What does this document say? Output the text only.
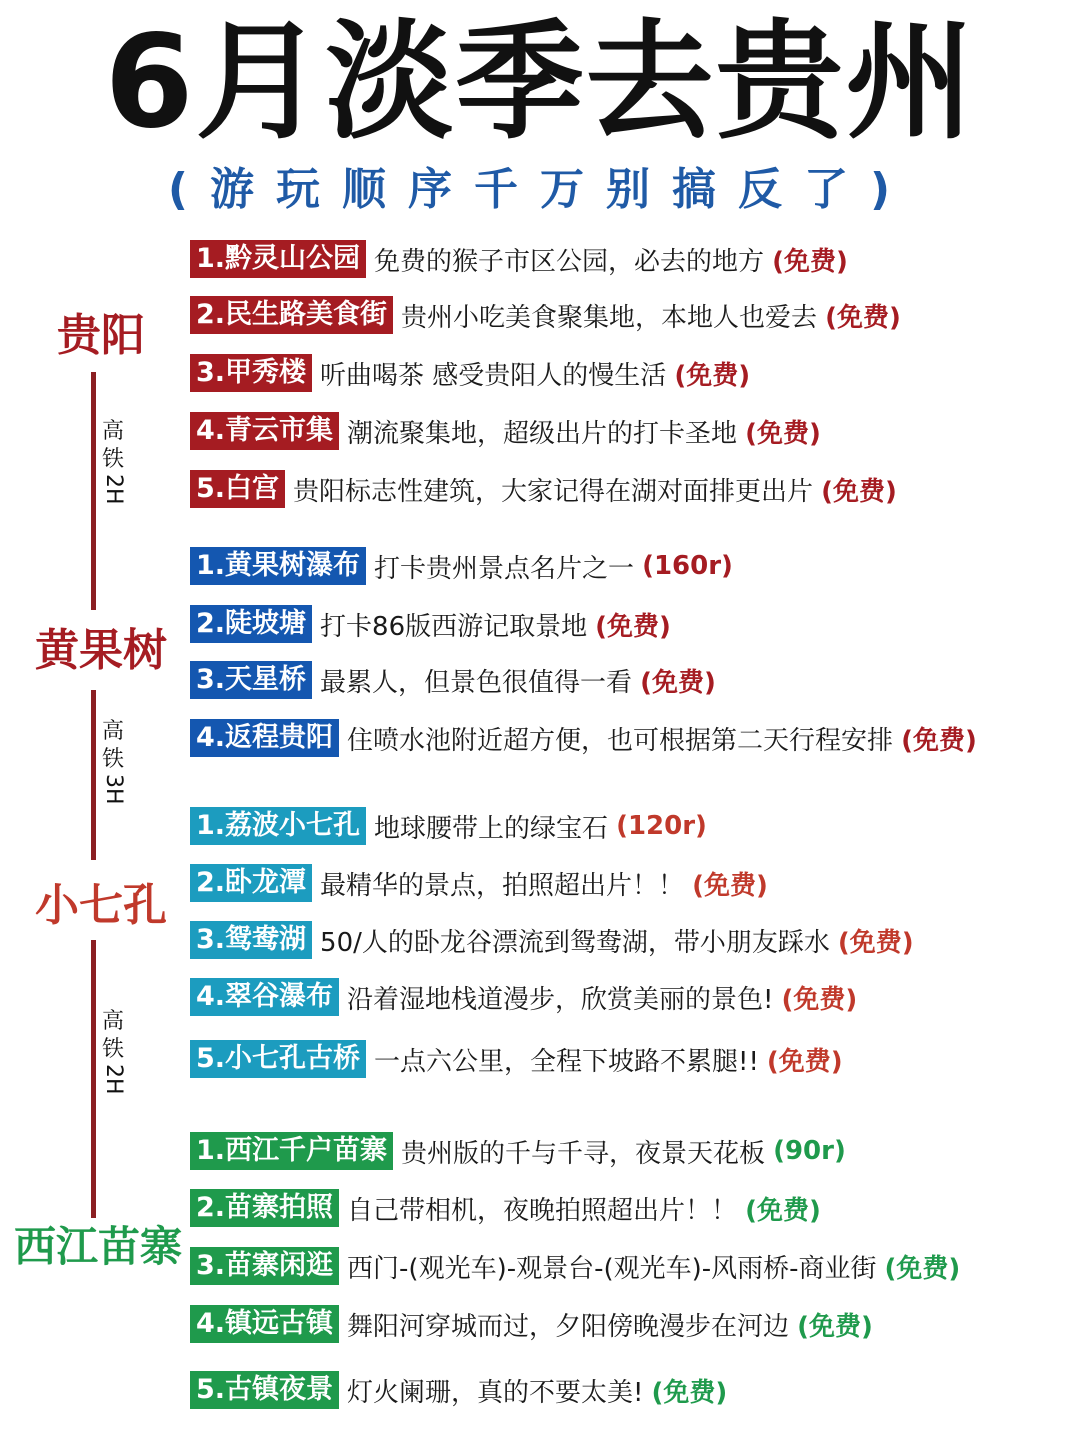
6月淡季去贵州
(游玩顺序千万别搞反了)
贵阳
黄果树
小七孔
西江苗寨
高铁
2H
高铁
3H
高铁
2H
1.黔灵山公园 免费的猴子市区公园，必去的地方 (免费)
2.民生路美食街 贵州小吃美食聚集地，本地人也爱去 (免费)
3.甲秀楼 听曲喝茶 感受贵阳人的慢生活 (免费)
4.青云市集 潮流聚集地，超级出片的打卡圣地 (免费)
5.白宫 贵阳标志性建筑，大家记得在湖对面排更出片 (免费)
1.黄果树瀑布 打卡贵州景点名片之一 (160r)
2.陡坡塘 打卡86版西游记取景地 (免费)
3.天星桥 最累人，但景色很值得一看 (免费)
4.返程贵阳 住喷水池附近超方便，也可根据第二天行程安排 (免费)
1.荔波小七孔 地球腰带上的绿宝石 (120r)
2.卧龙潭 最精华的景点，拍照超出片！！ (免费)
3.鸳鸯湖 50/人的卧龙谷漂流到鸳鸯湖，带小朋友踩水 (免费)
4.翠谷瀑布 沿着湿地栈道漫步，欣赏美丽的景色! (免费)
5.小七孔古桥 一点六公里，全程下坡路不累腿!! (免费)
1.西江千户苗寨 贵州版的千与千寻，夜景天花板 (90r)
2.苗寨拍照 自己带相机，夜晚拍照超出片！！ (免费)
3.苗寨闲逛 西门-(观光车)-观景台-(观光车)-风雨桥-商业街 (免费)
4.镇远古镇 舞阳河穿城而过，夕阳傍晚漫步在河边 (免费)
5.古镇夜景 灯火阑珊，真的不要太美! (免费)
